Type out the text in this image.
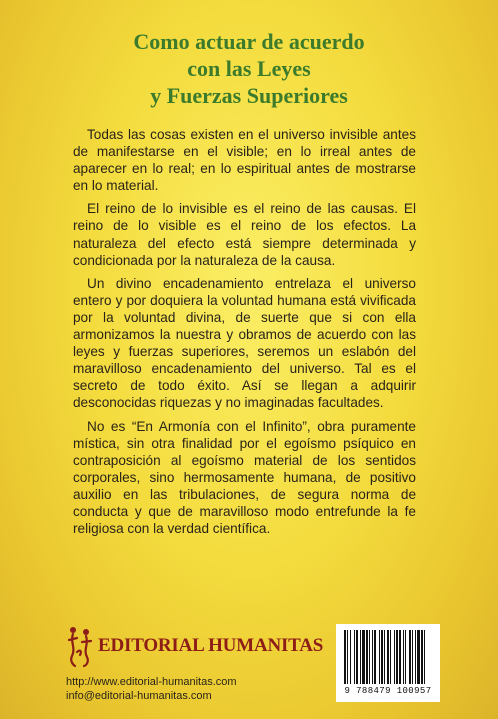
Como actuar de acuerdo
con las Leyes
y Fuerzas Superiores

Todas las cosas existen en el universo invisible antes de manifestarse en el visible; en lo irreal antes de aparecer en lo real; en lo espiritual antes de mostrarse en lo material.

El reino de lo invisible es el reino de las causas. El reino de lo visible es el reino de los efectos. La naturaleza del efecto está siempre determinada y condicionada por la naturaleza de la causa.

Un divino encadenamiento entrelaza el universo entero y por doquiera la voluntad humana está vivificada por la voluntad divina, de suerte que si con ella armonizamos la nuestra y obramos de acuerdo con las leyes y fuerzas superiores, seremos un eslabón del maravilloso encadenamiento del universo. Tal es el secreto de todo éxito. Así se llegan a adquirir desconocidas riquezas y no imaginadas facultades.

No es “En Armonía con el Infinito”, obra puramente mística, sin otra finalidad por el egoísmo psíquico en contraposición al egoísmo material de los sentidos corporales, sino hermosamente humana, de positivo auxilio en las tribulaciones, de segura norma de conducta y que de maravilloso modo entrefunde la fe religiosa con la verdad científica.

EDITORIAL HUMANITAS
http://www.editorial-humanitas.com
info@editorial-humanitas.com	9 788479 100957
